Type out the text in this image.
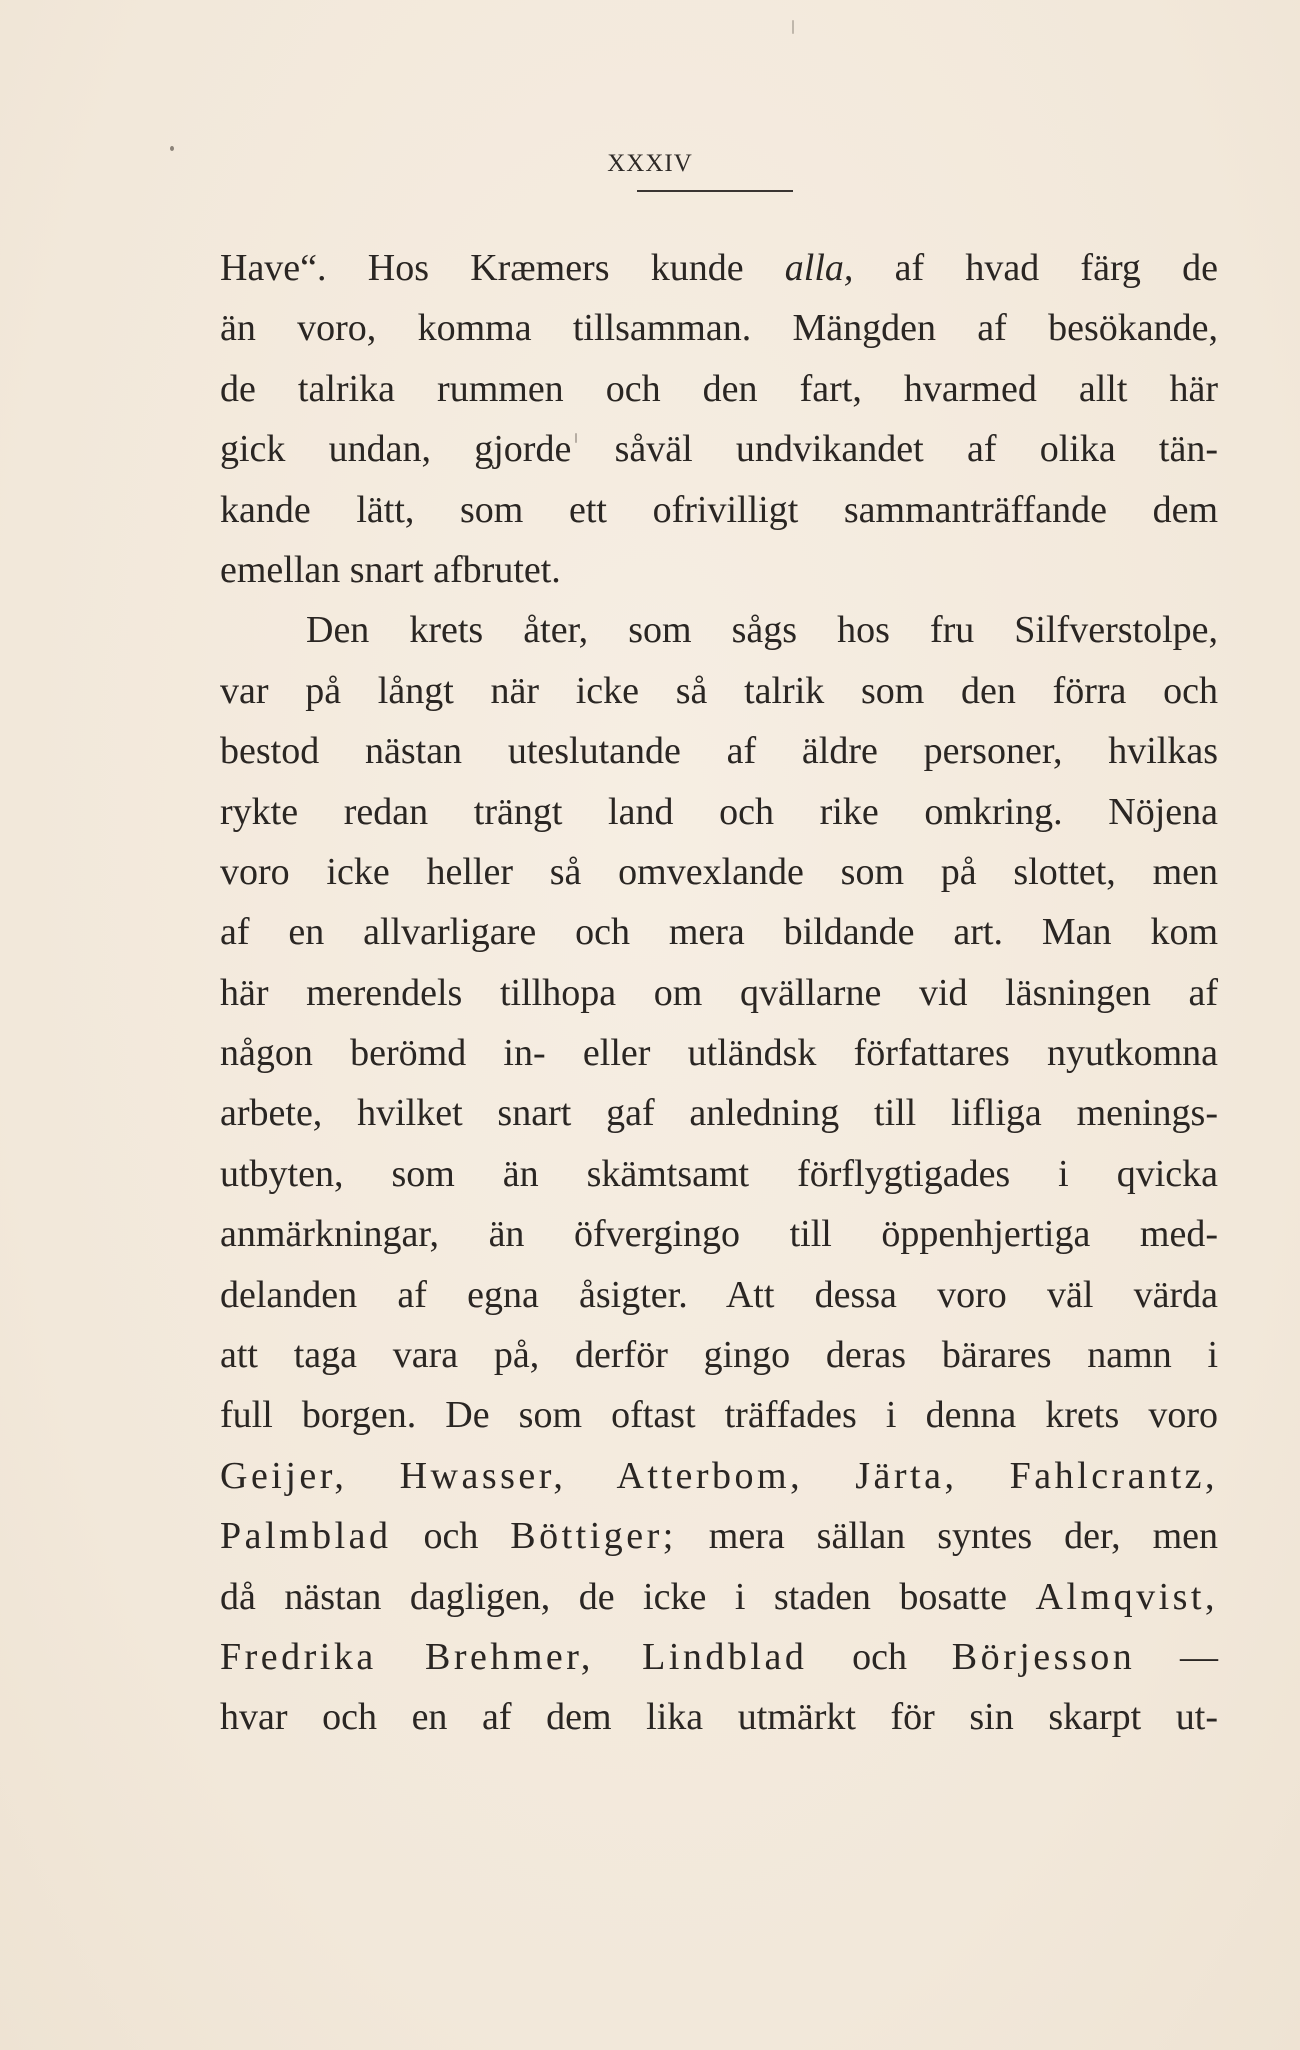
XXXIV
Have“. Hos Kræmers kunde alla, af hvad färg de
än voro, komma tillsamman. Mängden af besökande,
de talrika rummen och den fart, hvarmed allt här
gick undan, gjorde såväl undvikandet af olika tän-
kande lätt, som ett ofrivilligt sammanträffande dem
emellan snart afbrutet.
Den krets åter, som sågs hos fru Silfverstolpe,
var på långt när icke så talrik som den förra och
bestod nästan uteslutande af äldre personer, hvilkas
rykte redan trängt land och rike omkring. Nöjena
voro icke heller så omvexlande som på slottet, men
af en allvarligare och mera bildande art. Man kom
här merendels tillhopa om qvällarne vid läsningen af
någon berömd in- eller utländsk författares nyutkomna
arbete, hvilket snart gaf anledning till lifliga menings-
utbyten, som än skämtsamt förflygtigades i qvicka
anmärkningar, än öfvergingo till öppenhjertiga med-
delanden af egna åsigter. Att dessa voro väl värda
att taga vara på, derför gingo deras bärares namn i
full borgen. De som oftast träffades i denna krets voro
Geijer, Hwasser, Atterbom, Järta, Fahlcrantz,
Palmblad och Böttiger; mera sällan syntes der, men
då nästan dagligen, de icke i staden bosatte Almqvist,
Fredrika Brehmer, Lindblad och Börjesson —
hvar och en af dem lika utmärkt för sin skarpt ut-
